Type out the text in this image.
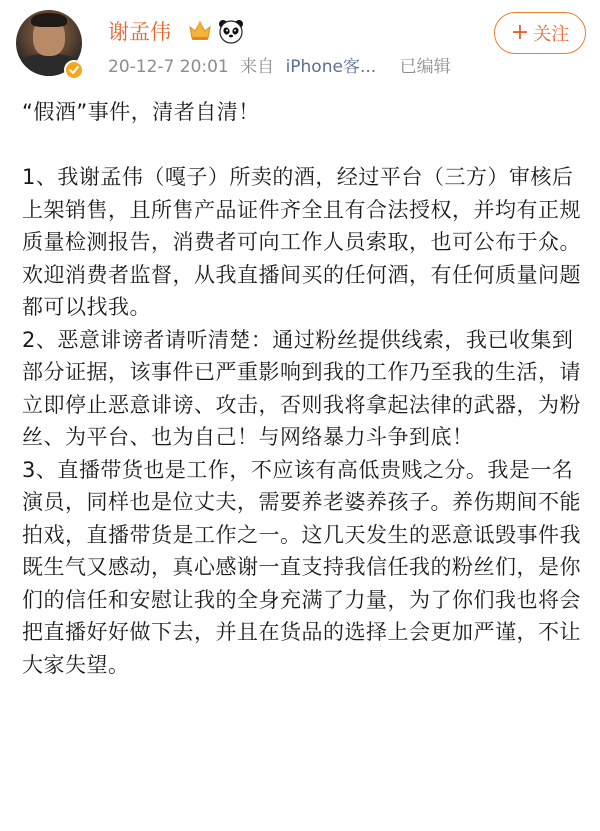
谢孟伟
20-12-7 20:01 来自 iPhone客... 已编辑
+ 关注

“假酒”事件，清者自清！

1、我谢孟伟（嘎子）所卖的酒，经过平台（三方）审核后上架销售，且所售产品证件齐全且有合法授权，并均有正规质量检测报告，消费者可向工作人员索取，也可公布于众。欢迎消费者监督，从我直播间买的任何酒，有任何质量问题都可以找我。

2、恶意诽谤者请听清楚：通过粉丝提供线索，我已收集到部分证据，该事件已严重影响到我的工作乃至我的生活，请立即停止恶意诽谤、攻击，否则我将拿起法律的武器，为粉丝、为平台、也为自己！与网络暴力斗争到底！

3、直播带货也是工作，不应该有高低贵贱之分。我是一名演员，同样也是位丈夫，需要养老婆养孩子。养伤期间不能拍戏，直播带货是工作之一。这几天发生的恶意诋毁事件我既生气又感动，真心感谢一直支持我信任我的粉丝们，是你们的信任和安慰让我的全身充满了力量，为了你们我也将会把直播好好做下去，并且在货品的选择上会更加严谨，不让大家失望。
